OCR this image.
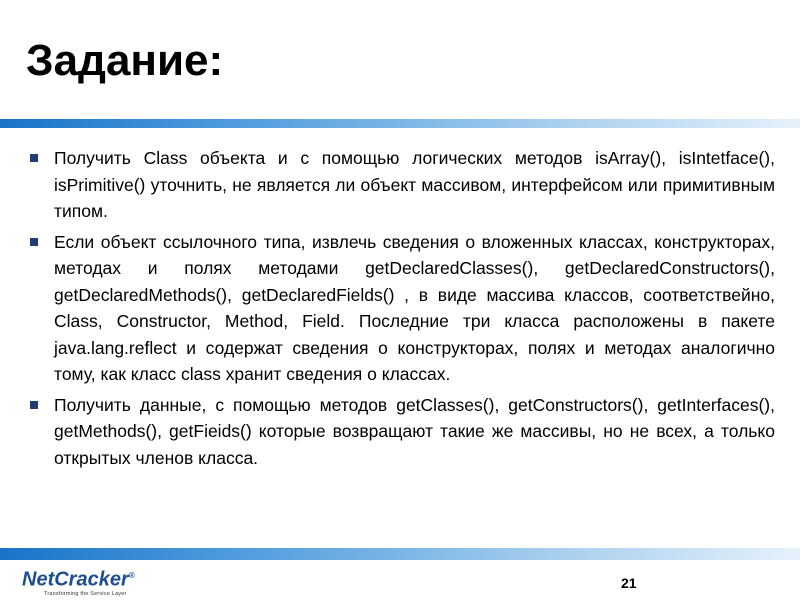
Задание:
Получить Class объекта и с помощью логических методов isArray(), isIntetface(), isPrimitive() уточнить, не является ли объект массивом, интерфейсом или примитивным типом.
Если объект ссылочного типа, извлечь сведения о вложенных классах, конструкторах, методах и полях методами getDeclaredClasses(), getDeclaredConstructors(), getDeclaredMethods(), getDeclaredFields() , в виде массива классов, соответствейно, Class, Constructor, Method, Field. Последние три класса расположены в пакете java.lang.reflect и содержат сведения о конструкторах, полях и методах аналогично тому, как класс class хранит сведения о классах.
Получить данные, с помощью методов getClasses(), getConstructors(), getInterfaces(), getMethods(), getFieids() которые возвращают такие же массивы, но не всех, а только открытых членов класса.
NetCracker®
Transforming the Service Layer
21
